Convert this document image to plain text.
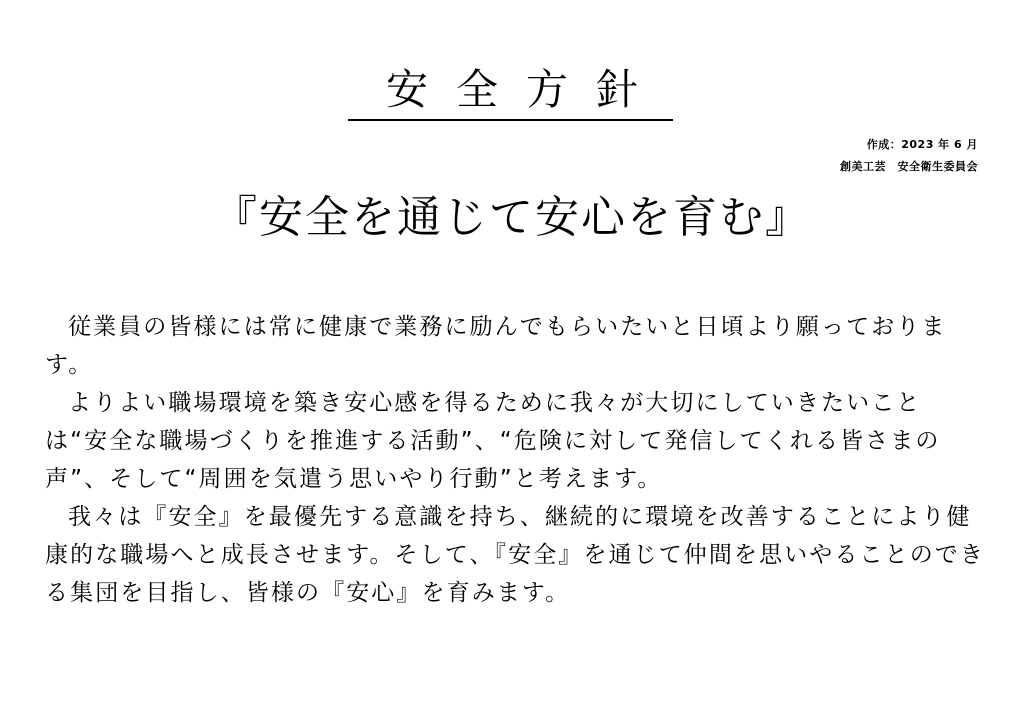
安全方針
作成：2023 年 6 月
創美工芸　安全衛生委員会
『安全を通じて安心を育む』

従業員の皆様には常に健康で業務に励んでもらいたいと日頃より願っております。

よりよい職場環境を築き安心感を得るために我々が大切にしていきたいことは“安全な職場づくりを推進する活動”、“危険に対して発信してくれる皆さまの声”、そして“周囲を気遣う思いやり行動”と考えます。

我々は『安全』を最優先する意識を持ち、継続的に環境を改善することにより健康的な職場へと成長させます。そして、『安全』を通じて仲間を思いやることのできる集団を目指し、皆様の『安心』を育みます。
